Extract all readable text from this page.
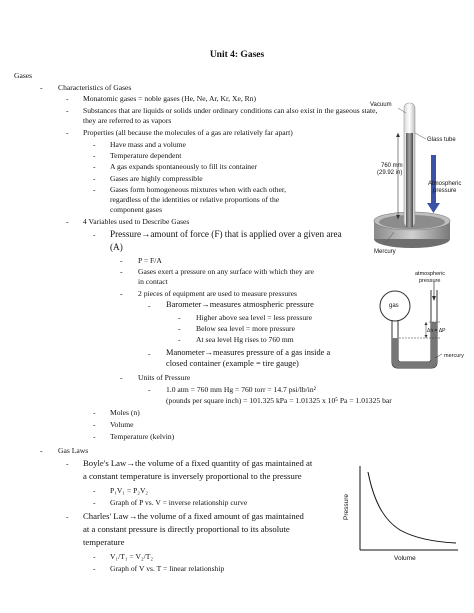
Unit 4: Gases
Gases
- Characteristics of Gases
- Monatomic gases = noble gases (He, Ne, Ar, Kr, Xe, Rn)
- Substances that are liquids or solids under ordinary conditions can also exist in the gaseous state,
they are referred to as vapors
- Properties (all because the molecules of a gas are relatively far apart)
- Have mass and a volume
- Temperature dependent
- A gas expands spontaneously to fill its container
- Gases are highly compressible
- Gases form homogeneous mixtures when with each other,
regardless of the identities or relative proportions of the
component gases
- 4 Variables used to Describe Gases
- Pressure→amount of force (F) that is applied over a given area
(A)
- P = F/A
- Gases exert a pressure on any surface with which they are
in contact
- 2 pieces of equipment are used to measure pressures
- Barometer→measures atmospheric pressure
- Higher above sea level = less pressure
- Below sea level = more pressure
- At sea level Hg rises to 760 mm
- Manometer→measures pressure of a gas inside a
closed container (example = tire gauge)
- Units of Pressure
- 1.0 atm = 760 mm Hg = 760 torr = 14.7 psi/lb/in²
(pounds per square inch) = 101.325 kPa = 1.01325 x 10⁵ Pa = 1.01325 bar
- Moles (n)
- Volume
- Temperature (kelvin)
- Gas Laws
- Boyle's Law→the volume of a fixed quantity of gas maintained at
a constant temperature is inversely proportional to the pressure
- P₁V₁ = P₂V₂
- Graph of P vs. V = inverse relationship curve
- Charles' Law→the volume of a fixed amount of gas maintained
at a constant pressure is directly proportional to its absolute
temperature
- V₁/T₁ = V₂/T₂
- Graph of V vs. T = linear relationship
Vacuum
Glass tube
760 mm
(29.92 in)
Atmospheric
pressure
Mercury
atmospheric
pressure
gas
Δh = ΔP
mercury
Pressure
Volume
